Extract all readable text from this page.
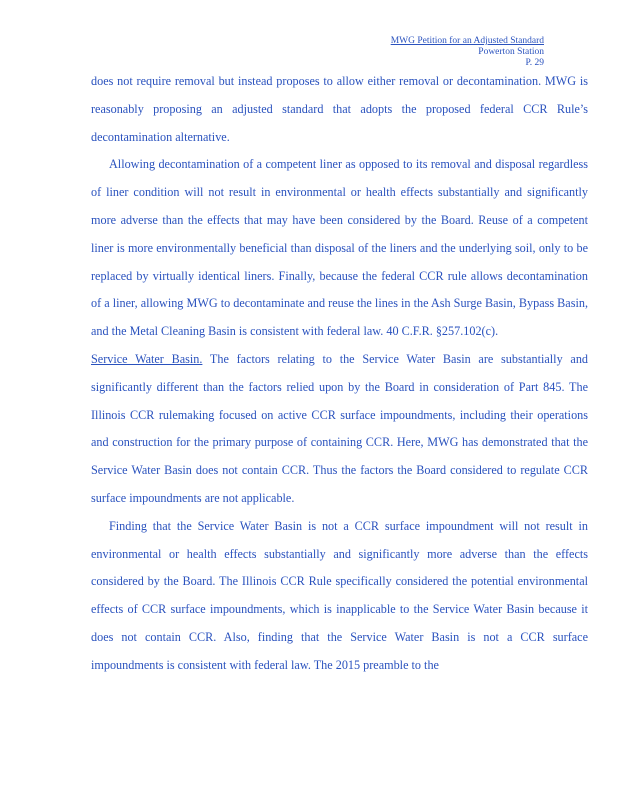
MWG Petition for an Adjusted Standard
Powerton Station
P. 29

does not require removal but instead proposes to allow either removal or decontamination. MWG is reasonably proposing an adjusted standard that adopts the proposed federal CCR Rule’s decontamination alternative.

Allowing decontamination of a competent liner as opposed to its removal and disposal regardless of liner condition will not result in environmental or health effects substantially and significantly more adverse than the effects that may have been considered by the Board. Reuse of a competent liner is more environmentally beneficial than disposal of the liners and the underlying soil, only to be replaced by virtually identical liners. Finally, because the federal CCR rule allows decontamination of a liner, allowing MWG to decontaminate and reuse the lines in the Ash Surge Basin, Bypass Basin, and the Metal Cleaning Basin is consistent with federal law. 40 C.F.R. §257.102(c).

Service Water Basin. The factors relating to the Service Water Basin are substantially and significantly different than the factors relied upon by the Board in consideration of Part 845. The Illinois CCR rulemaking focused on active CCR surface impoundments, including their operations and construction for the primary purpose of containing CCR. Here, MWG has demonstrated that the Service Water Basin does not contain CCR. Thus the factors the Board considered to regulate CCR surface impoundments are not applicable.

Finding that the Service Water Basin is not a CCR surface impoundment will not result in environmental or health effects substantially and significantly more adverse than the effects considered by the Board. The Illinois CCR Rule specifically considered the potential environmental effects of CCR surface impoundments, which is inapplicable to the Service Water Basin because it does not contain CCR. Also, finding that the Service Water Basin is not a CCR surface impoundments is consistent with federal law. The 2015 preamble to the
